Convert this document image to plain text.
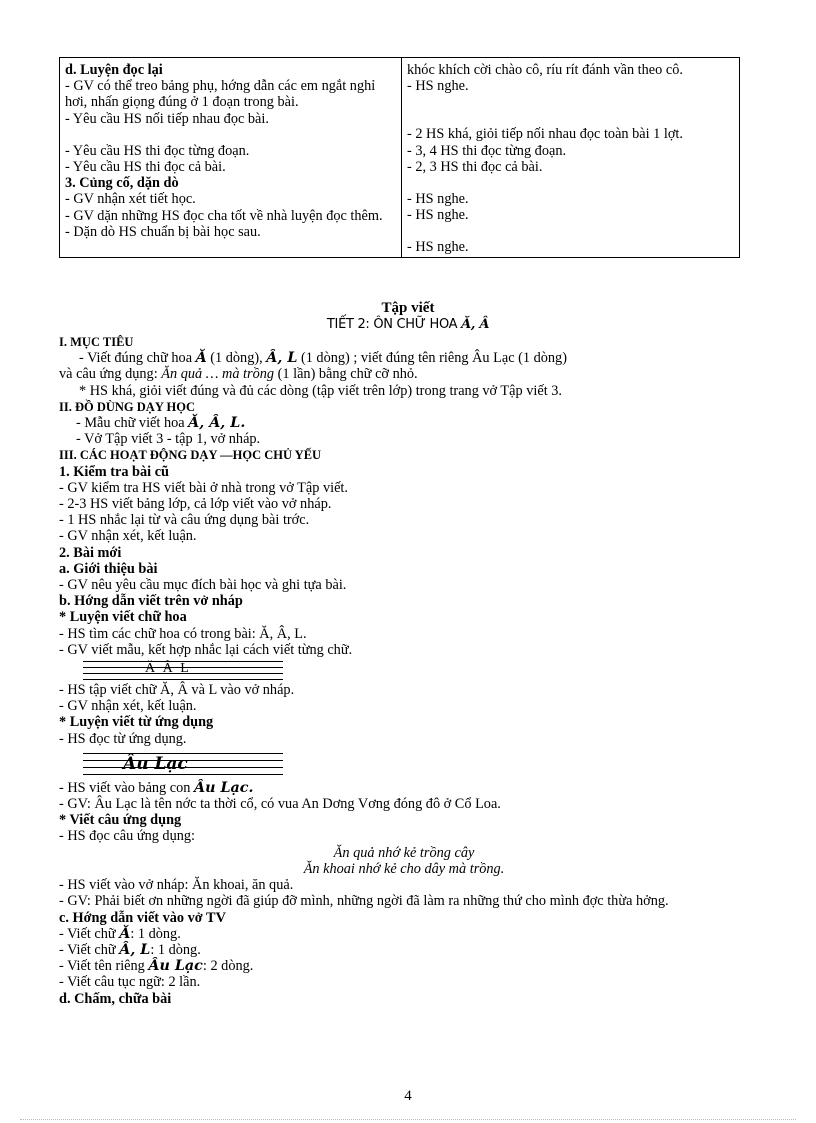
d. Luyện đọc lại
- GV có thể treo bảng phụ, hớng dẫn các em ngắt nghỉ hơi, nhấn giọng đúng ở 1 đoạn trong bài.
- Yêu cầu HS nối tiếp nhau đọc bài.
- Yêu cầu HS thi đọc từng đoạn.
- Yêu cầu HS thi đọc cả bài.
3. Củng cố, dặn dò
- GV nhận xét tiết học.
- GV dặn những HS đọc cha tốt về nhà luyện đọc thêm.
- Dặn dò HS chuẩn bị bài học sau.

khóc khích cời chào cô, ríu rít đánh vần theo cô.
- HS nghe.
- 2 HS khá, giỏi tiếp nối nhau đọc toàn bài 1 lợt.
- 3, 4 HS thi đọc từng đoạn.
- 2, 3 HS thi đọc cả bài.
- HS nghe.
- HS nghe.
- HS nghe.
Tập viết
TIẾT 2: ÔN CHỮ HOA Ă, Â
I. MỤC TIÊU
- Viết đúng chữ hoa Ă (1 dòng), Â, L (1 dòng) ; viết đúng tên riêng Âu Lạc (1 dòng)
và câu ứng dụng: Ăn quả … mà trồng (1 lần) bằng chữ cỡ nhỏ.
* HS khá, giỏi viết đúng và đủ các dòng (tập viết trên lớp) trong trang vở Tập viết 3.
II. ĐỒ DÙNG DẠY HỌC
- Mẫu chữ viết hoa Ă, Â, L.
- Vở Tập viết 3 - tập 1, vở nháp.
III. CÁC HOẠT ĐỘNG DẠY —HỌC CHỦ YẾU
1. Kiểm tra bài cũ
- GV kiểm tra HS viết bài ở nhà trong vở Tập viết.
- 2-3 HS viết bảng lớp, cả lớp viết vào vở nháp.
- 1 HS nhắc lại từ và câu ứng dụng bài trớc.
- GV nhận xét, kết luận.
2. Bài mới
a. Giới thiệu bài
- GV nêu yêu cầu mục đích bài học và ghi tựa bài.
b. Hớng dẫn viết trên vở nháp
* Luyện viết chữ hoa
- HS tìm các chữ hoa có trong bài: Ă, Â, L.
- GV viết mẫu, kết hợp nhắc lại cách viết từng chữ.
Ă Â L
- HS tập viết chữ Ă, Â và L vào vở nháp.
- GV nhận xét, kết luận.
* Luyện viết từ ứng dụng
- HS đọc từ ứng dụng.
Âu Lạc
- HS viết vào bảng con Âu Lạc.
- GV: Âu Lạc là tên nớc ta thời cổ, có vua An Dơng Vơng đóng đô ở Cổ Loa.
* Viết câu ứng dụng
- HS đọc câu ứng dụng:
Ăn quả nhớ kẻ trồng cây
Ăn khoai nhớ kẻ cho dây mà trồng.
- HS viết vào vở nháp: Ăn khoai, ăn quả.
- GV: Phải biết ơn những ngời đã giúp đỡ mình, những ngời đã làm ra những thứ cho mình đợc thừa hởng.
c. Hớng dẫn viết vào vở TV
- Viết chữ Ă: 1 dòng.
- Viết chữ Â, L: 1 dòng.
- Viết tên riêng Âu Lạc: 2 dòng.
- Viết câu tục ngữ: 2 lần.
d. Chấm, chữa bài
4
